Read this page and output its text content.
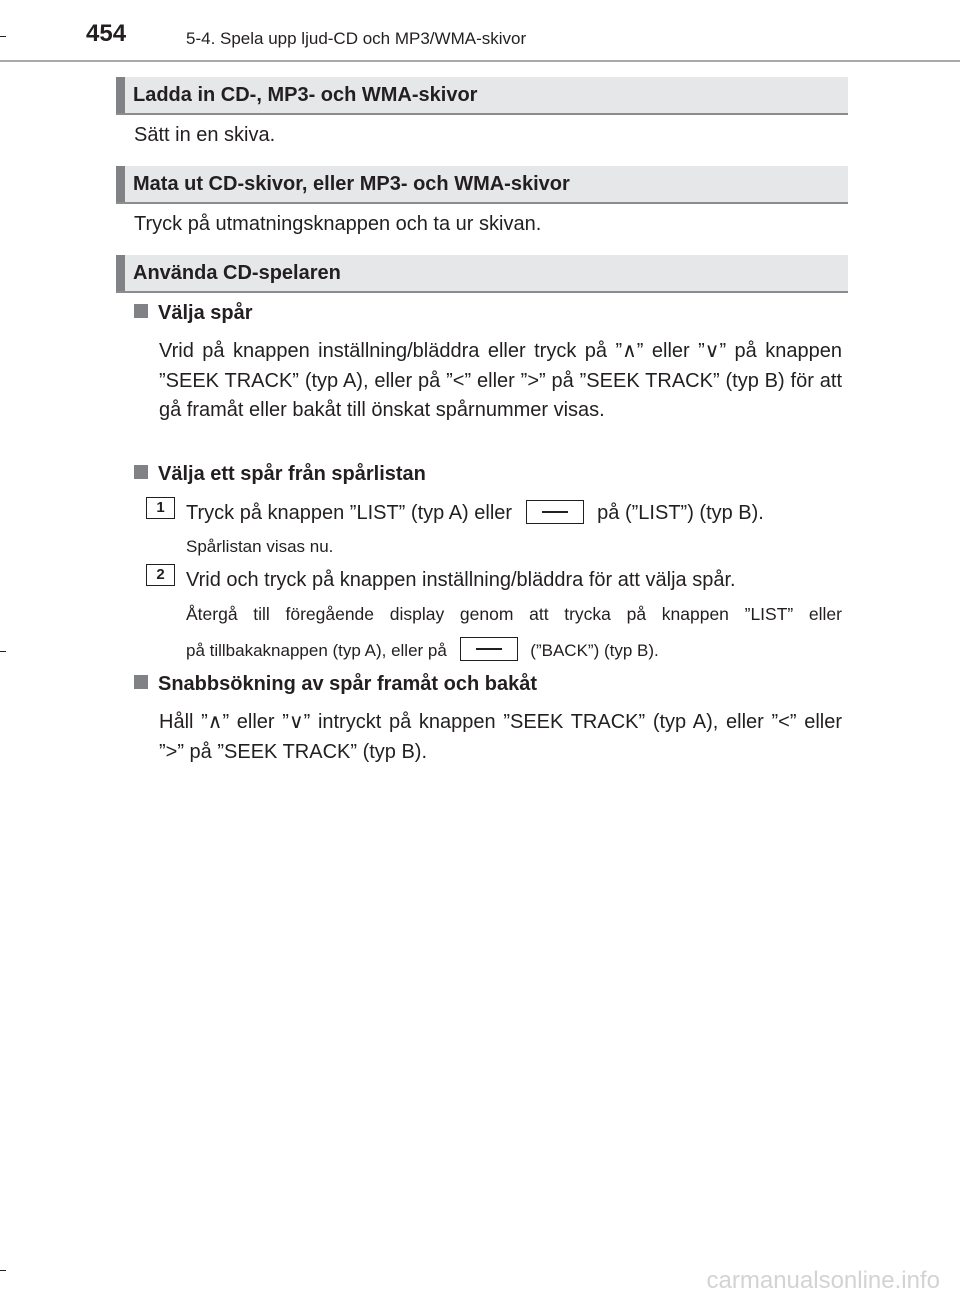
454	5-4. Spela upp ljud-CD och MP3/WMA-skivor
Ladda in CD-, MP3- och WMA-skivor
Sätt in en skiva.
Mata ut CD-skivor, eller MP3- och WMA-skivor
Tryck på utmatningsknappen och ta ur skivan.
Använda CD-spelaren
Välja spår
Vrid på knappen inställning/bläddra eller tryck på ”∧” eller ”∨” på knappen ”SEEK TRACK” (typ A), eller på ”<” eller ”>” på ”SEEK TRACK” (typ B) för att gå framåt eller bakåt till önskat spårnummer visas.
Välja ett spår från spårlistan
1	Tryck på knappen ”LIST” (typ A) eller	på (”LIST”) (typ B).
Spårlistan visas nu.
2	Vrid och tryck på knappen inställning/bläddra för att välja spår.
Återgå till föregående display genom att trycka på knappen ”LIST” eller
på tillbakaknappen (typ A), eller på	(”BACK”) (typ B).
Snabbsökning av spår framåt och bakåt
Håll ”∧” eller ”∨” intryckt på knappen ”SEEK TRACK” (typ A), eller ”<” eller ”>” på ”SEEK TRACK” (typ B).
carmanualsonline.info
